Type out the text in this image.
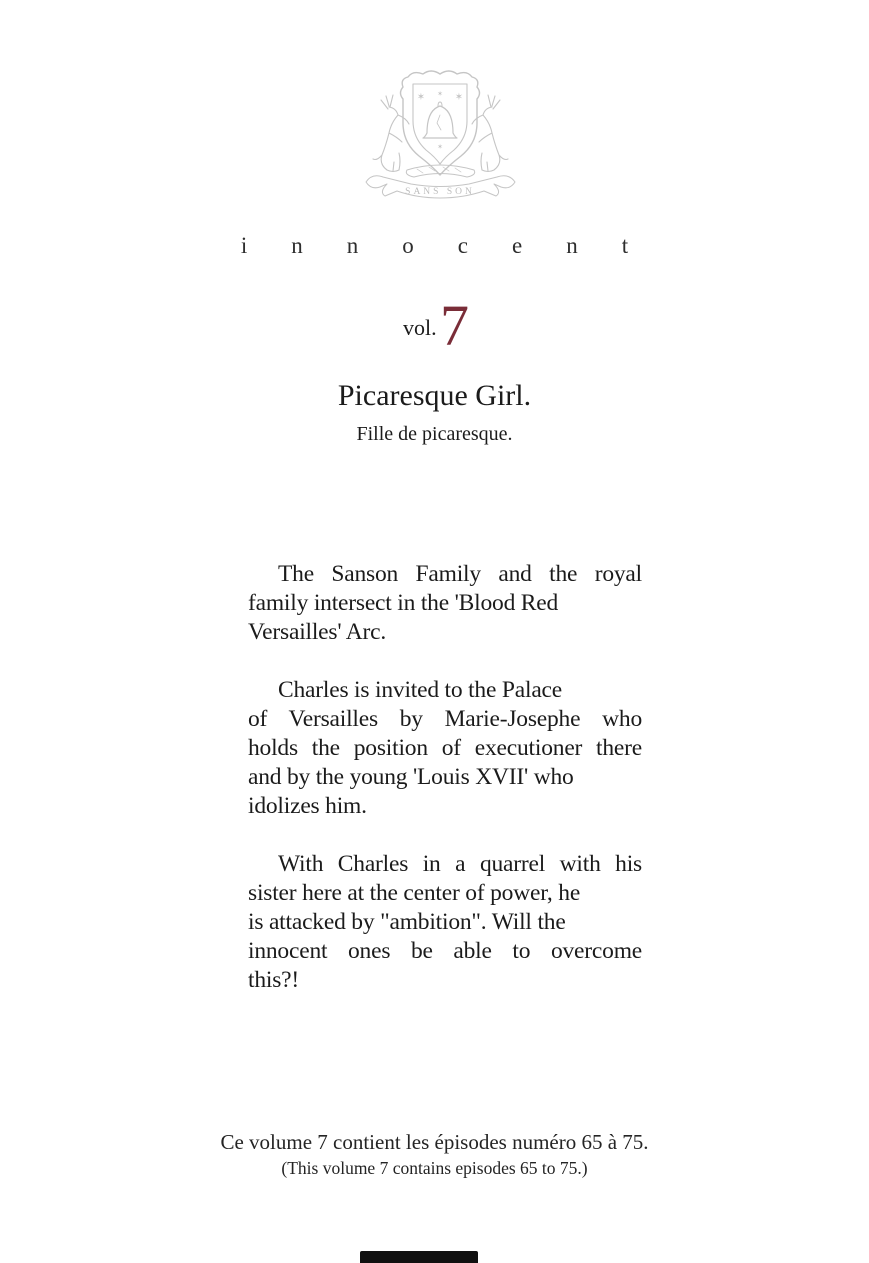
✶	✶
✶
✶
SANS SON
innocent
vol. 7
Picaresque Girl.
Fille de picaresque.
The Sanson Family and the royal
family intersect in the 'Blood Red
Versailles' Arc.
Charles is invited to the Palace
of Versailles by Marie-Josephe who
holds the position of executioner there
and by the young 'Louis XVII' who
idolizes him.
With Charles in a quarrel with his
sister here at the center of power, he
is attacked by "ambition". Will the
innocent ones be able to overcome
this?!
Ce volume 7 contient les épisodes numéro 65 à 75.
(This volume 7 contains episodes 65 to 75.)
